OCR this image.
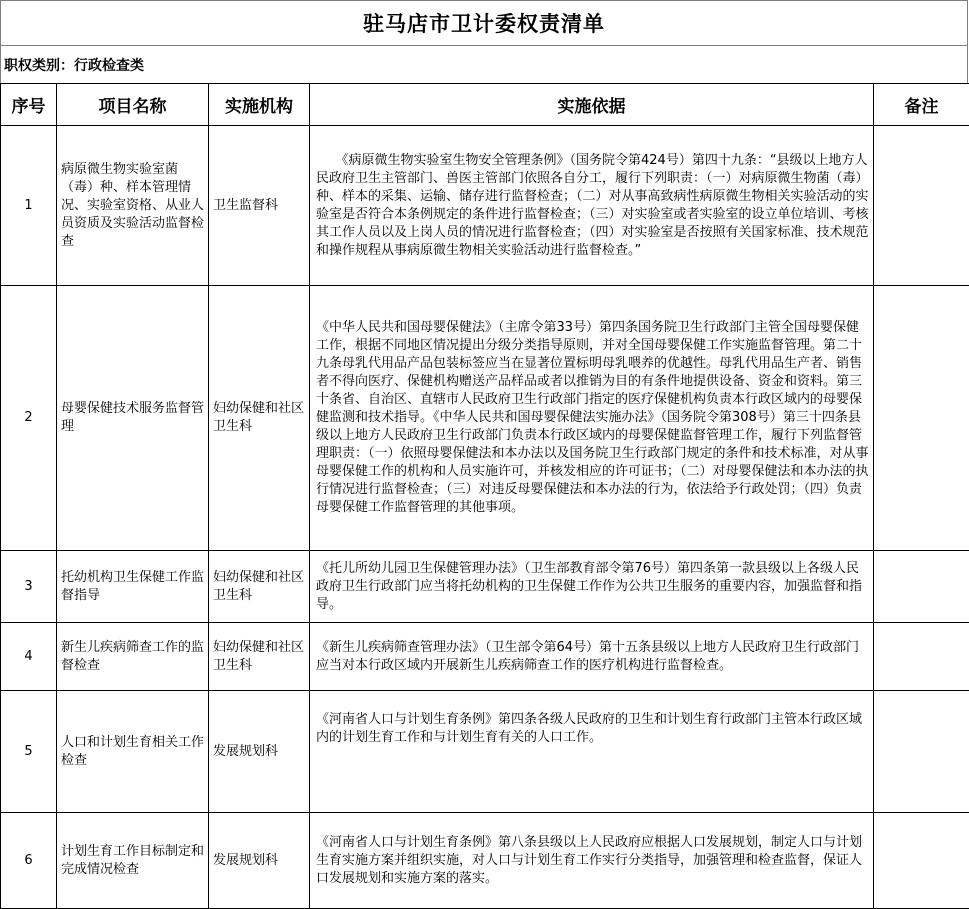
驻马店市卫计委权责清单
职权类别：行政检查类
序号	项目名称	实施机构	实施依据	备注
1	病原微生物实验室菌（毒）种、样本管理情况、实验室资格、从业人员资质及实验活动监督检查	卫生监督科	　　《病原微生物实验室生物安全管理条例》（国务院令第424号）第四十九条：“县级以上地方人民政府卫生主管部门、兽医主管部门依照各自分工，履行下列职责：（一）对病原微生物菌（毒）种、样本的采集、运输、储存进行监督检查；（二）对从事高致病性病原微生物相关实验活动的实验室是否符合本条例规定的条件进行监督检查；（三）对实验室或者实验室的设立单位培训、考核其工作人员以及上岗人员的情况进行监督检查；（四）对实验室是否按照有关国家标准、技术规范和操作规程从事病原微生物相关实验活动进行监督检查。”	
2	母婴保健技术服务监督管理	妇幼保健和社区卫生科	《中华人民共和国母婴保健法》（主席令第33号）第四条国务院卫生行政部门主管全国母婴保健工作，根据不同地区情况提出分级分类指导原则，并对全国母婴保健工作实施监督管理。第二十九条母乳代用品产品包装标签应当在显著位置标明母乳喂养的优越性。母乳代用品生产者、销售者不得向医疗、保健机构赠送产品样品或者以推销为目的有条件地提供设备、资金和资料。第三十条省、自治区、直辖市人民政府卫生行政部门指定的医疗保健机构负责本行政区域内的母婴保健监测和技术指导。《中华人民共和国母婴保健法实施办法》（国务院令第308号）第三十四条县级以上地方人民政府卫生行政部门负责本行政区域内的母婴保健监督管理工作，履行下列监督管理职责：（一）依照母婴保健法和本办法以及国务院卫生行政部门规定的条件和技术标准，对从事母婴保健工作的机构和人员实施许可，并核发相应的许可证书；（二）对母婴保健法和本办法的执行情况进行监督检查；（三）对违反母婴保健法和本办法的行为，依法给予行政处罚；（四）负责母婴保健工作监督管理的其他事项。	
3	托幼机构卫生保健工作监督指导	妇幼保健和社区卫生科	《托儿所幼儿园卫生保健管理办法》（卫生部教育部令第76号）第四条第一款县级以上各级人民政府卫生行政部门应当将托幼机构的卫生保健工作作为公共卫生服务的重要内容，加强监督和指导。	
4	新生儿疾病筛查工作的监督检查	妇幼保健和社区卫生科	《新生儿疾病筛查管理办法》（卫生部令第64号）第十五条县级以上地方人民政府卫生行政部门应当对本行政区域内开展新生儿疾病筛查工作的医疗机构进行监督检查。	
5	人口和计划生育相关工作检查	发展规划科	《河南省人口与计划生育条例》第四条各级人民政府的卫生和计划生育行政部门主管本行政区域内的计划生育工作和与计划生育有关的人口工作。	
6	计划生育工作目标制定和完成情况检查	发展规划科	《河南省人口与计划生育条例》第八条县级以上人民政府应根据人口发展规划，制定人口与计划生育实施方案并组织实施，对人口与计划生育工作实行分类指导，加强管理和检查监督，保证人口发展规划和实施方案的落实。	
